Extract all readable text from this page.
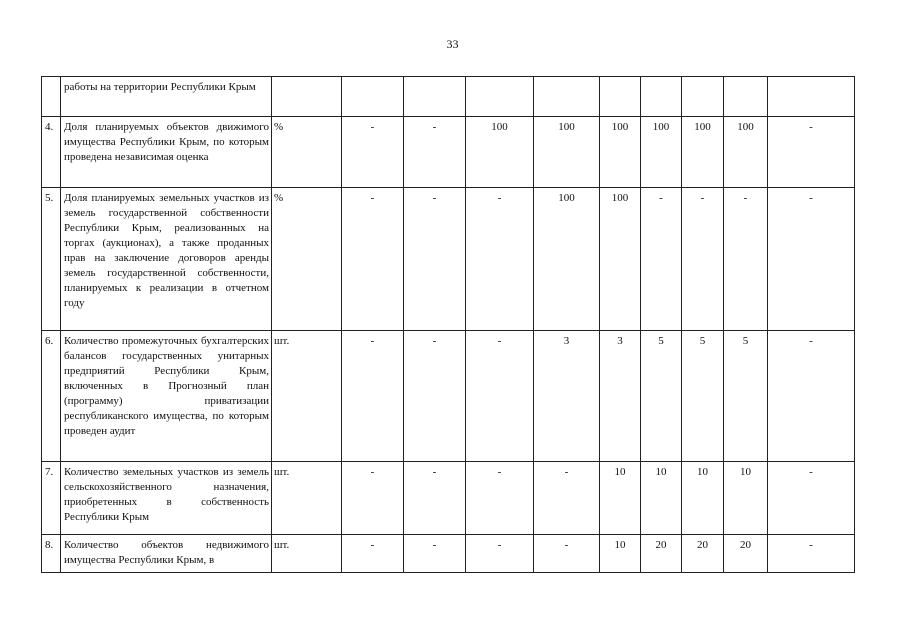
33
	работы на территории Республики Крым										
4.	Доля планируемых объектов движимого имущества Республики Крым, по которым проведена независимая оценка	%	-	-	100	100	100	100	100	100	-
5.	Доля планируемых земельных участков из земель государственной собственности Республики Крым, реализованных на торгах (аукционах), а также проданных прав на заключение договоров аренды земель государственной собственности, планируемых к реализации в отчетном году	%	-	-	-	100	100	-	-	-	-
6.	Количество промежуточных бухгалтерских балансов государственных унитарных предприятий Республики Крым, включенных в Прогнозный план (программу) приватизации республиканского имущества, по которым проведен аудит	шт.	-	-	-	3	3	5	5	5	-
7.	Количество земельных участков из земель сельскохозяйственного назначения, приобретенных в собственность Республики Крым	шт.	-	-	-	-	10	10	10	10	-
8.	Количество объектов недвижимого имущества Республики Крым, в	шт.	-	-	-	-	10	20	20	20	-
